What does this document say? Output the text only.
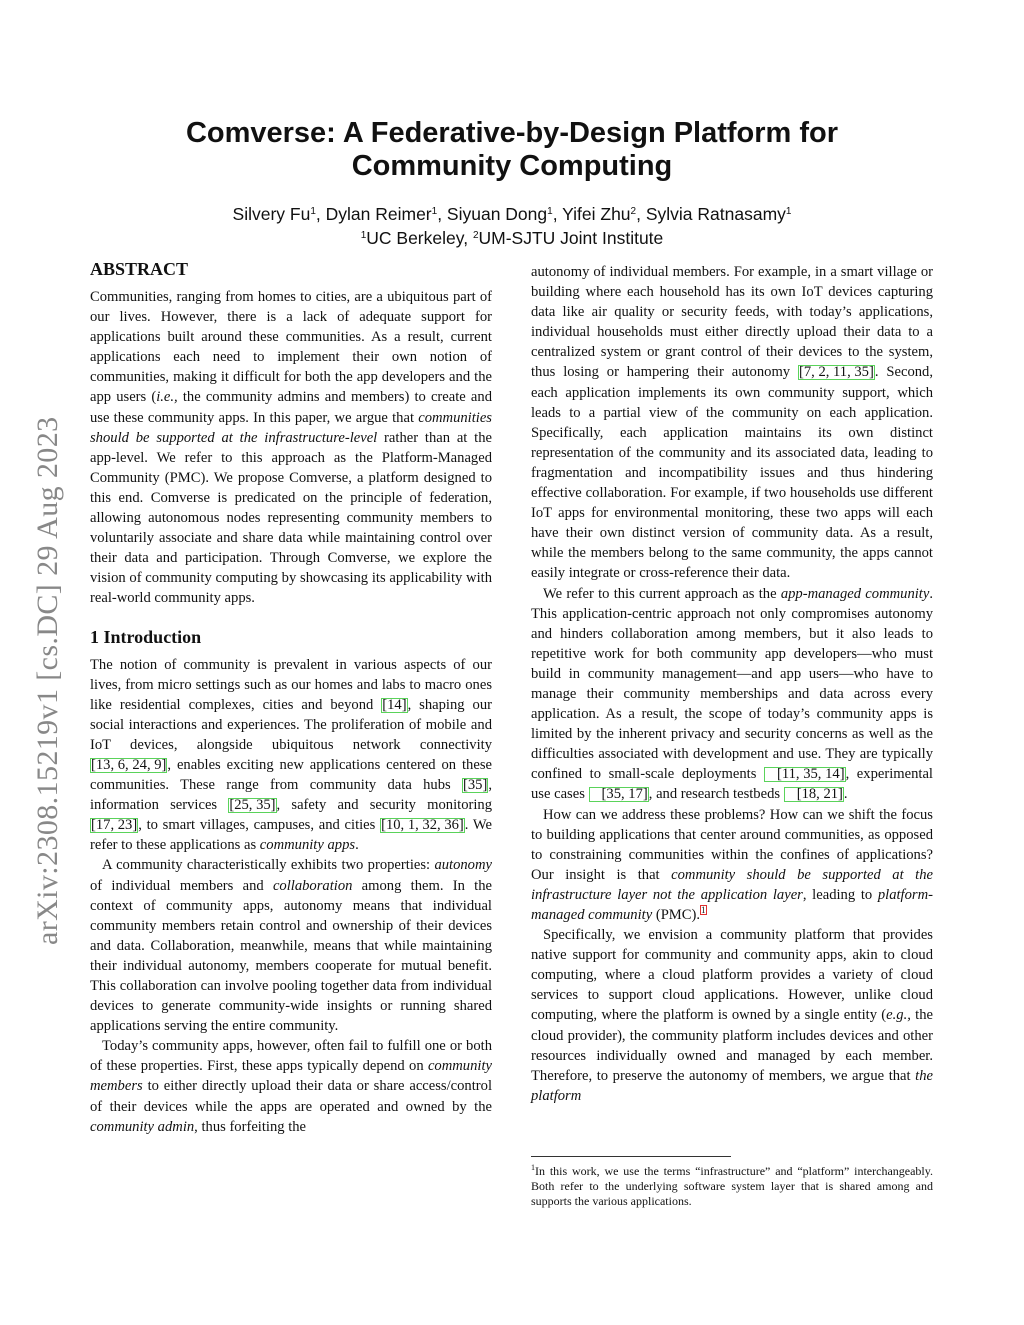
Comverse: A Federative-by-Design Platform for
Community Computing
Silvery Fu$^1$, Dylan Reimer$^1$, Siyuan Dong$^1$, Yifei Zhu$^2$, Sylvia Ratnasamy$^1$
$^1$UC Berkeley, $^2$UM-SJTU Joint Institute
arXiv:2308.15219v1 [cs.DC] 29 Aug 2023
ABSTRACT

Communities, ranging from homes to cities, are a ubiquitous part of our lives. However, there is a lack of adequate support for applications built around these communities. As a result, current applications each need to implement their own notion of communities, making it difficult for both the app developers and the app users (i.e., the community admins and members) to create and use these community apps. In this paper, we argue that communities should be supported at the infrastructure-level rather than at the app-level. We refer to this approach as the Platform-Managed Community (PMC). We propose Comverse, a platform designed to this end. Comverse is predicated on the principle of federation, allowing autonomous nodes representing community members to voluntarily associate and share data while maintaining control over their data and participation. Through Comverse, we explore the vision of community computing by showcasing its applicability with real-world community apps.

1 Introduction

The notion of community is prevalent in various aspects of our lives, from micro settings such as our homes and labs to macro ones like residential complexes, cities and beyond [14], shaping our social interactions and experiences. The proliferation of mobile and IoT devices, alongside ubiquitous network connectivity [13, 6, 24, 9], enables exciting new applications centered on these communities. These range from community data hubs [35], information services [25, 35], safety and security monitoring [17, 23], to smart villages, campuses, and cities [10, 1, 32, 36]. We refer to these applications as community apps.

A community characteristically exhibits two properties: autonomy of individual members and collaboration among them. In the context of community apps, autonomy means that individual community members retain control and ownership of their devices and data. Collaboration, meanwhile, means that while maintaining their individual autonomy, members cooperate for mutual benefit. This collaboration can involve pooling together data from individual devices to generate community-wide insights or running shared applications serving the entire community.

Today’s community apps, however, often fail to fulfill one or both of these properties. First, these apps typically depend on community members to either directly upload their data or share access/control of their devices while the apps are operated and owned by the community admin, thus forfeiting the

autonomy of individual members. For example, in a smart village or building where each household has its own IoT devices capturing data like air quality or security feeds, with today’s applications, individual households must either directly upload their data to a centralized system or grant control of their devices to the system, thus losing or hampering their autonomy [7, 2, 11, 35]. Second, each application implements its own community support, which leads to a partial view of the community on each application. Specifically, each application maintains its own distinct representation of the community and its associated data, leading to fragmentation and incompatibility issues and thus hindering effective collaboration. For example, if two households use different IoT apps for environmental monitoring, these two apps will each have their own distinct version of community data. As a result, while the members belong to the same community, the apps cannot easily integrate or cross-reference their data.

We refer to this current approach as the app-managed community. This application-centric approach not only compromises autonomy and hinders collaboration among members, but it also leads to repetitive work for both community app developers—who must build in community management—and app users—who have to manage their community memberships and data across every application. As a result, the scope of today’s community apps is limited by the inherent privacy and security concerns as well as the difficulties associated with development and use. They are typically confined to small-scale deployments [11, 35, 14], experimental use cases [35, 17], and research testbeds [18, 21].

How can we address these problems? How can we shift the focus to building applications that center around communities, as opposed to constraining communities within the confines of applications? Our insight is that community should be supported at the infrastructure layer not the application layer, leading to platform-managed community (PMC).$^1$

Specifically, we envision a community platform that provides native support for community and community apps, akin to cloud computing, where a cloud platform provides a variety of cloud services to support cloud applications. However, unlike cloud computing, where the platform is owned by a single entity (e.g., the cloud provider), the community platform includes devices and other resources individually owned and managed by each member. Therefore, to preserve the autonomy of members, we argue that the platform

$^1$In this work, we use the terms “infrastructure” and “platform” interchangeably. Both refer to the underlying software system layer that is shared among and supports the various applications.
